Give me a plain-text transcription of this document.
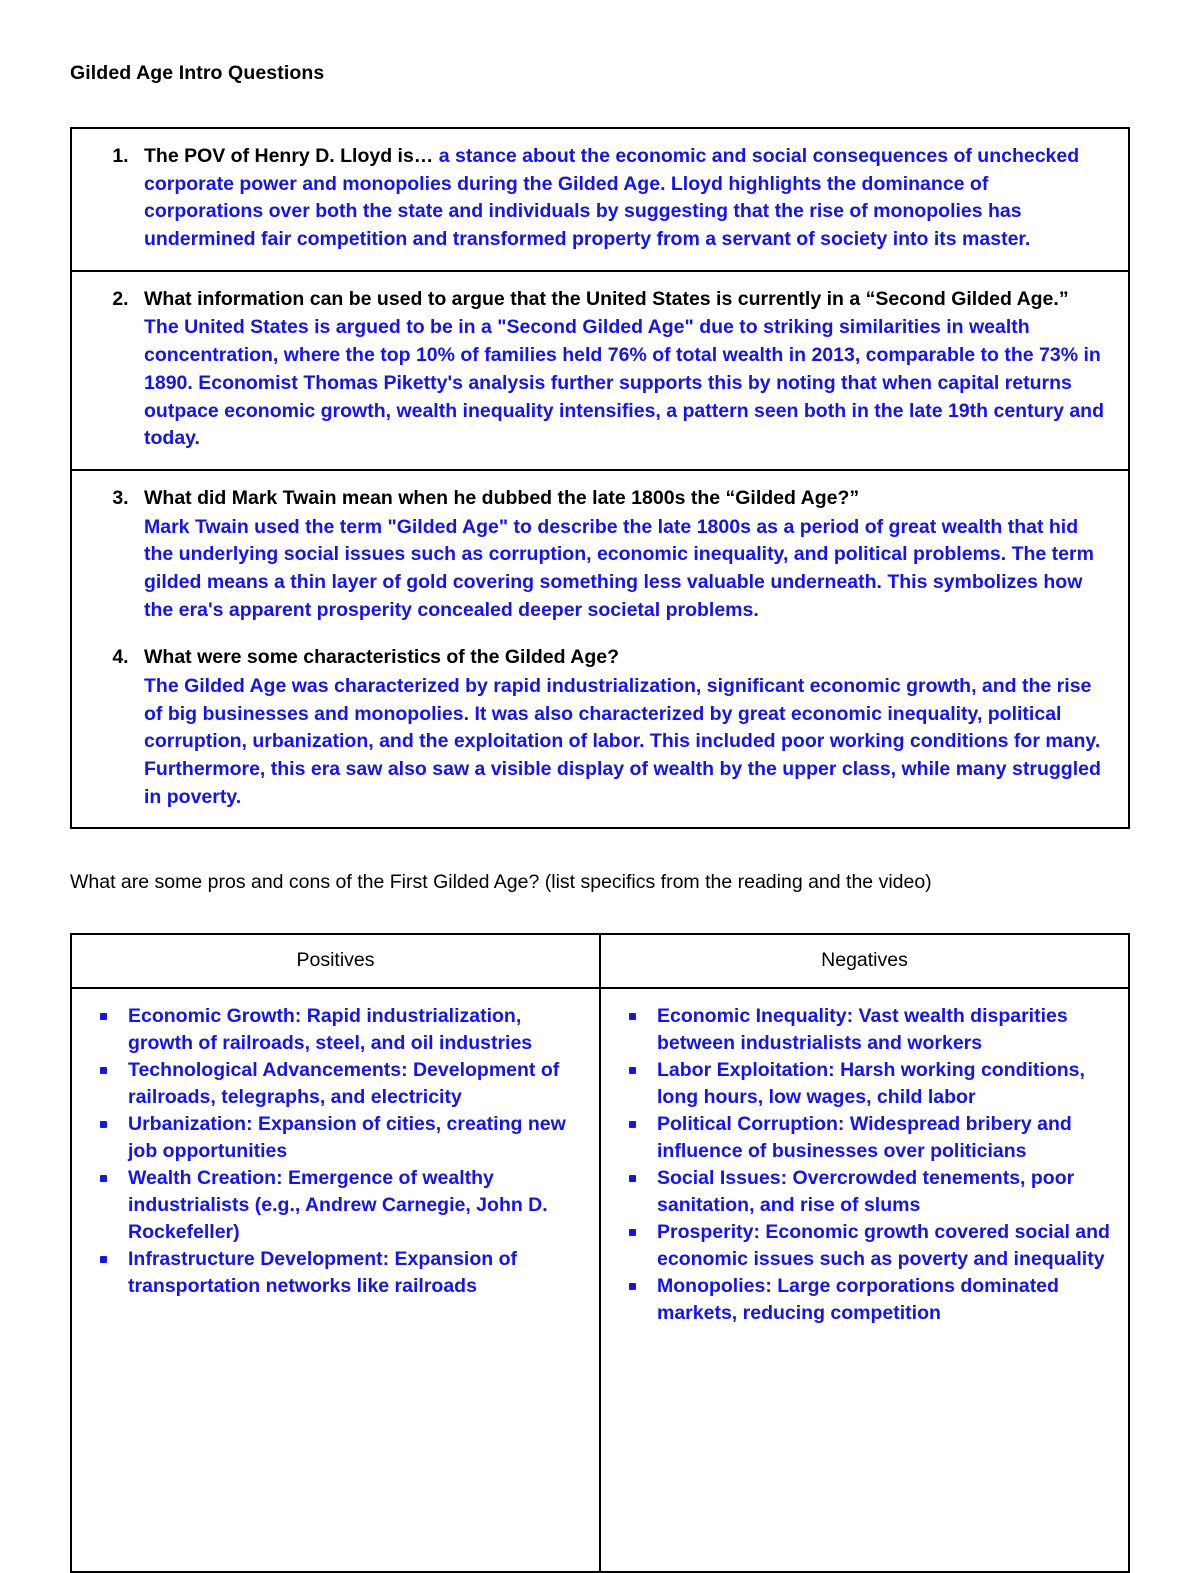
Gilded Age Intro Questions
1. The POV of Henry D. Lloyd is… a stance about the economic and social consequences of unchecked corporate power and monopolies during the Gilded Age. Lloyd highlights the dominance of corporations over both the state and individuals by suggesting that the rise of monopolies has undermined fair competition and transformed property from a servant of society into its master.

2. What information can be used to argue that the United States is currently in a “Second Gilded Age.”
The United States is argued to be in a "Second Gilded Age" due to striking similarities in wealth concentration, where the top 10% of families held 76% of total wealth in 2013, comparable to the 73% in 1890. Economist Thomas Piketty's analysis further supports this by noting that when capital returns outpace economic growth, wealth inequality intensifies, a pattern seen both in the late 19th century and today.

3. What did Mark Twain mean when he dubbed the late 1800s the “Gilded Age?”
Mark Twain used the term "Gilded Age" to describe the late 1800s as a period of great wealth that hid the underlying social issues such as corruption, economic inequality, and political problems. The term gilded means a thin layer of gold covering something less valuable underneath. This symbolizes how the era's apparent prosperity concealed deeper societal problems.
4. What were some characteristics of the Gilded Age?
The Gilded Age was characterized by rapid industrialization, significant economic growth, and the rise of big businesses and monopolies. It was also characterized by great economic inequality, political corruption, urbanization, and the exploitation of labor. This included poor working conditions for many. Furthermore, this era saw also saw a visible display of wealth by the upper class, while many struggled in poverty.

What are some pros and cons of the First Gilded Age? (list specifics from the reading and the video)

Positives	Negatives

Economic Growth: Rapid industrialization, growth of railroads, steel, and oil industries
Technological Advancements: Development of railroads, telegraphs, and electricity
Urbanization: Expansion of cities, creating new job opportunities
Wealth Creation: Emergence of wealthy industrialists (e.g., Andrew Carnegie, John D. Rockefeller)
Infrastructure Development: Expansion of transportation networks like railroads

Economic Inequality: Vast wealth disparities between industrialists and workers
Labor Exploitation: Harsh working conditions, long hours, low wages, child labor
Political Corruption: Widespread bribery and influence of businesses over politicians
Social Issues: Overcrowded tenements, poor sanitation, and rise of slums
Prosperity: Economic growth covered social and economic issues such as poverty and inequality
Monopolies: Large corporations dominated markets, reducing competition
